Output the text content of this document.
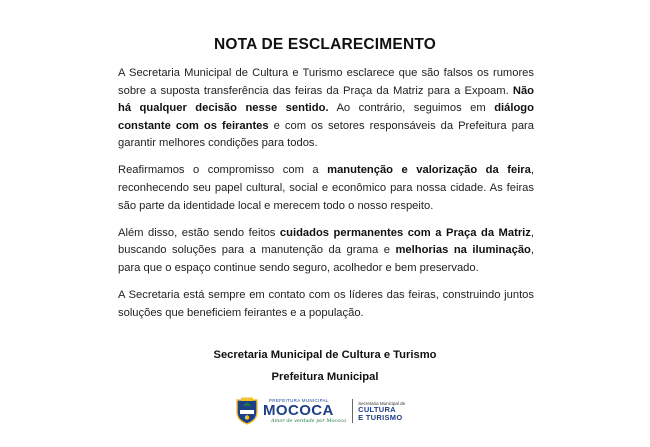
NOTA DE ESCLARECIMENTO

A Secretaria Municipal de Cultura e Turismo esclarece que são falsos os rumores sobre a suposta transferência das feiras da Praça da Matriz para a Expoam. Não há qualquer decisão nesse sentido. Ao contrário, seguimos em diálogo constante com os feirantes e com os setores responsáveis da Prefeitura para garantir melhores condições para todos.

Reafirmamos o compromisso com a manutenção e valorização da feira, reconhecendo seu papel cultural, social e econômico para nossa cidade. As feiras são parte da identidade local e merecem todo o nosso respeito.

Além disso, estão sendo feitos cuidados permanentes com a Praça da Matriz, buscando soluções para a manutenção da grama e melhorias na iluminação, para que o espaço continue sendo seguro, acolhedor e bem preservado.

A Secretaria está sempre em contato com os líderes das feiras, construindo juntos soluções que beneficiem feirantes e a população.

Secretaria Municipal de Cultura e Turismo
Prefeitura Municipal
PREFEITURA MUNICIPAL
MOCOCA
Amor de verdade por Mococa
Secretaria Municipal de
CULTURA
E TURISMO
